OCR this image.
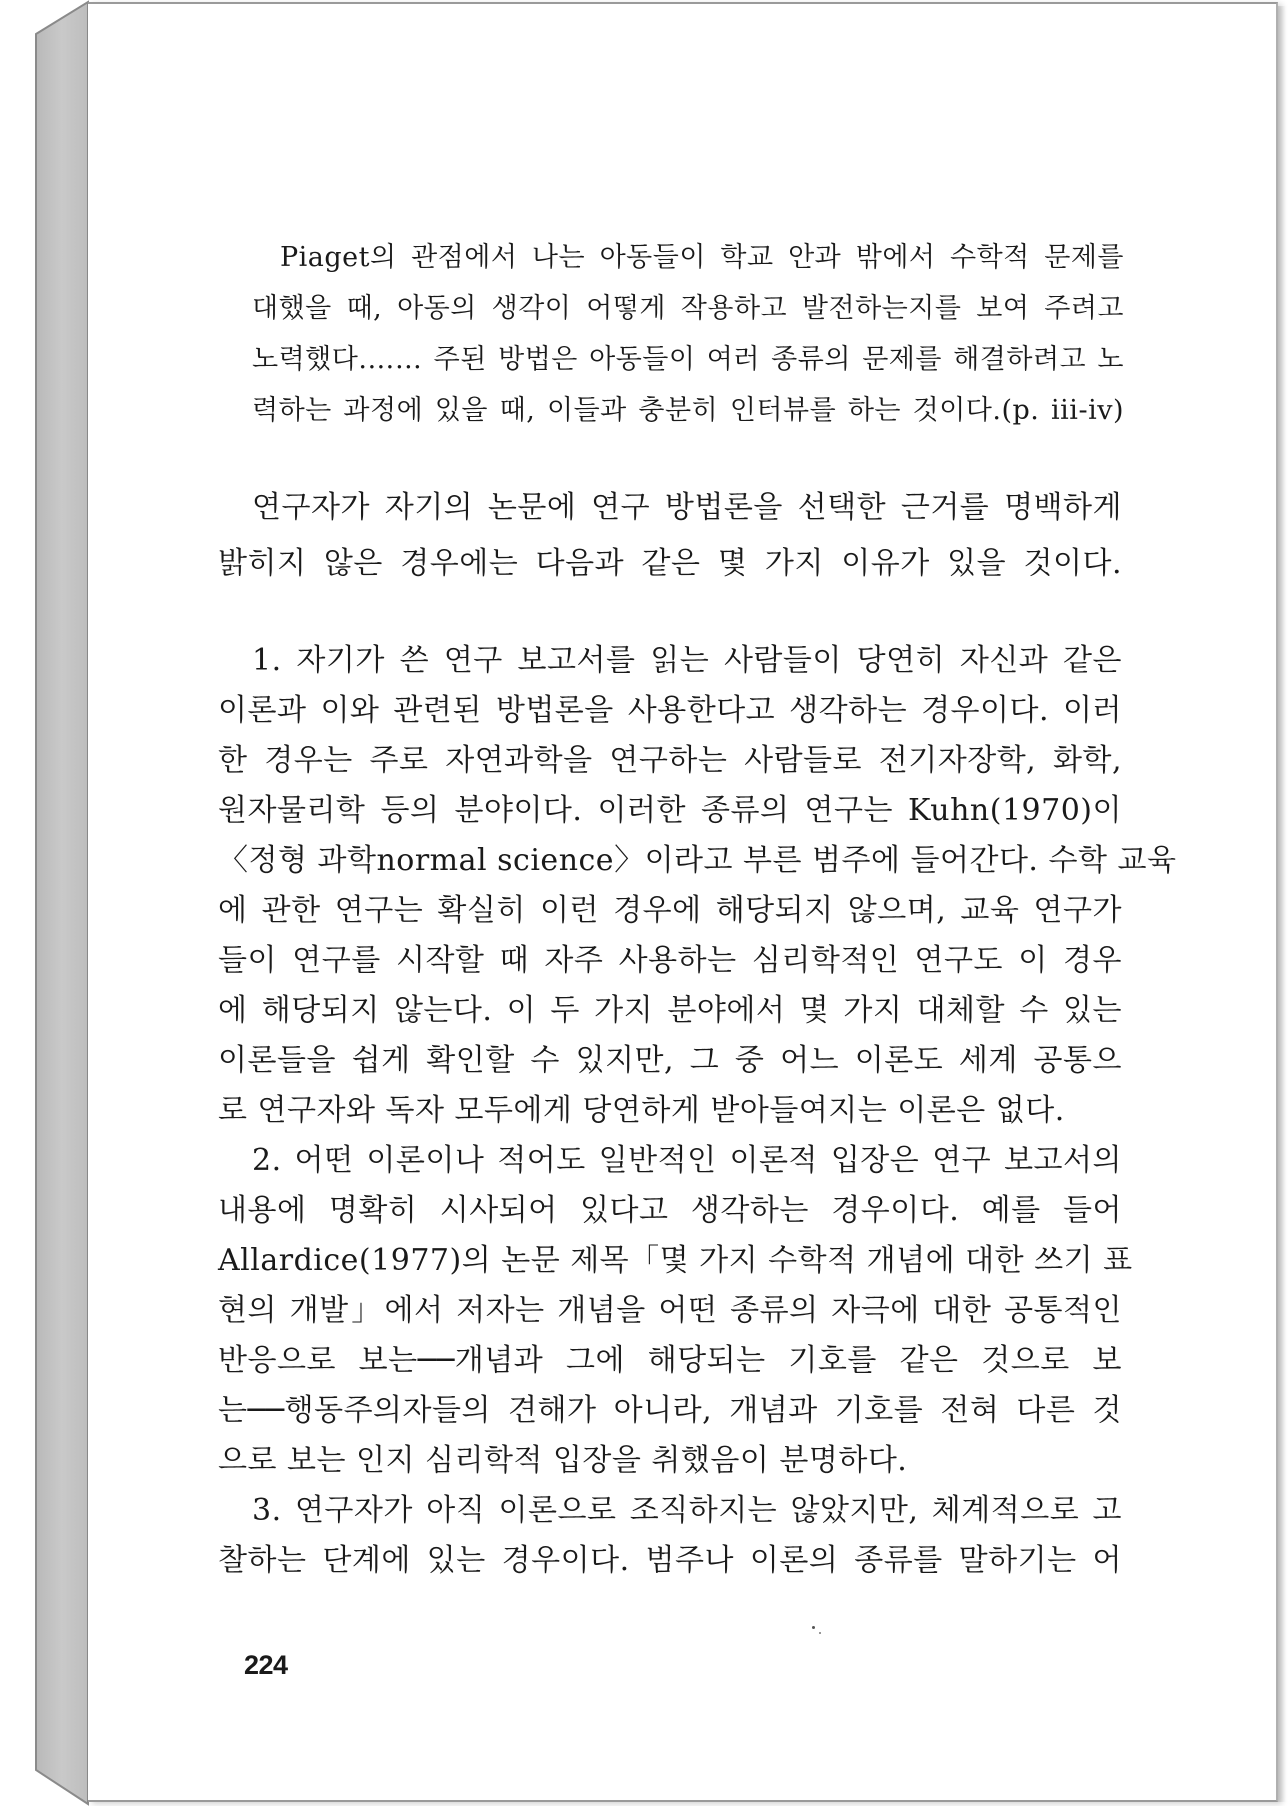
Piaget의 관점에서 나는 아동들이 학교 안과 밖에서 수학적 문제를
대했을 때, 아동의 생각이 어떻게 작용하고 발전하는지를 보여 주려고
노력했다.…… 주된 방법은 아동들이 여러 종류의 문제를 해결하려고 노
력하는 과정에 있을 때, 이들과 충분히 인터뷰를 하는 것이다.(p. iii-iv)
연구자가 자기의 논문에 연구 방법론을 선택한 근거를 명백하게
밝히지 않은 경우에는 다음과 같은 몇 가지 이유가 있을 것이다.
1. 자기가 쓴 연구 보고서를 읽는 사람들이 당연히 자신과 같은
이론과 이와 관련된 방법론을 사용한다고 생각하는 경우이다. 이러
한 경우는 주로 자연과학을 연구하는 사람들로 전기자장학, 화학,
원자물리학 등의 분야이다. 이러한 종류의 연구는 Kuhn(1970)이
〈정형 과학normal science〉이라고 부른 범주에 들어간다. 수학 교육
에 관한 연구는 확실히 이런 경우에 해당되지 않으며, 교육 연구가
들이 연구를 시작할 때 자주 사용하는 심리학적인 연구도 이 경우
에 해당되지 않는다. 이 두 가지 분야에서 몇 가지 대체할 수 있는
이론들을 쉽게 확인할 수 있지만, 그 중 어느 이론도 세계 공통으
로 연구자와 독자 모두에게 당연하게 받아들여지는 이론은 없다.
2. 어떤 이론이나 적어도 일반적인 이론적 입장은 연구 보고서의
내용에 명확히 시사되어 있다고 생각하는 경우이다. 예를 들어
Allardice(1977)의 논문 제목「몇 가지 수학적 개념에 대한 쓰기 표
현의 개발」에서 저자는 개념을 어떤 종류의 자극에 대한 공통적인
반응으로 보는──개념과 그에 해당되는 기호를 같은 것으로 보
는──행동주의자들의 견해가 아니라, 개념과 기호를 전혀 다른 것
으로 보는 인지 심리학적 입장을 취했음이 분명하다.
3. 연구자가 아직 이론으로 조직하지는 않았지만, 체계적으로 고
찰하는 단계에 있는 경우이다. 범주나 이론의 종류를 말하기는 어
224
